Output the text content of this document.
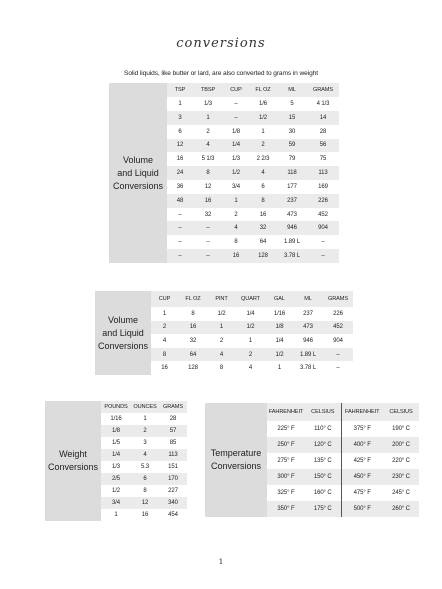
conversions
Solid liquids, like butter or lard, are also converted to grams in weight
Volume
and Liquid
Conversions
TSP	TBSP	CUP	FL OZ	ML	GRAMS
1	1/3	–	1/6	5	4 1/3
3	1	–	1/2	15	14
6	2	1/8	1	30	28
12	4	1/4	2	59	56
16	5 1/3	1/3	2 2/3	79	75
24	8	1/2	4	118	113
36	12	3/4	6	177	169
48	16	1	8	237	226
–	32	2	16	473	452
–	–	4	32	946	904
–	–	8	64	1.89 L	–
–	–	16	128	3.78 L	–
Volume
and Liquid
Conversions
CUP	FL OZ	PINT	QUART	GAL	ML	GRAMS
1	8	1/2	1/4	1/16	237	226
2	16	1	1/2	1/8	473	452
4	32	2	1	1/4	946	904
8	64	4	2	1/2	1.89 L	–
16	128	8	4	1	3.78 L	–
Weight
Conversions
POUNDS	OUNCES	GRAMS
1/16	1	28
1/8	2	57
1/5	3	85
1/4	4	113
1/3	5.3	151
2/5	6	170
1/2	8	227
3/4	12	340
1	16	454
Temperature
Conversions
FAHRENHEIT	CELSIUS	FAHRENHEIT	CELSIUS
225° F	110° C	375° F	190° C
250° F	120° C	400° F	200° C
275° F	135° C	425° F	220° C
300° F	150° C	450° F	230° C
325° F	160° C	475° F	245° C
350° F	175° C	500° F	260° C
1
